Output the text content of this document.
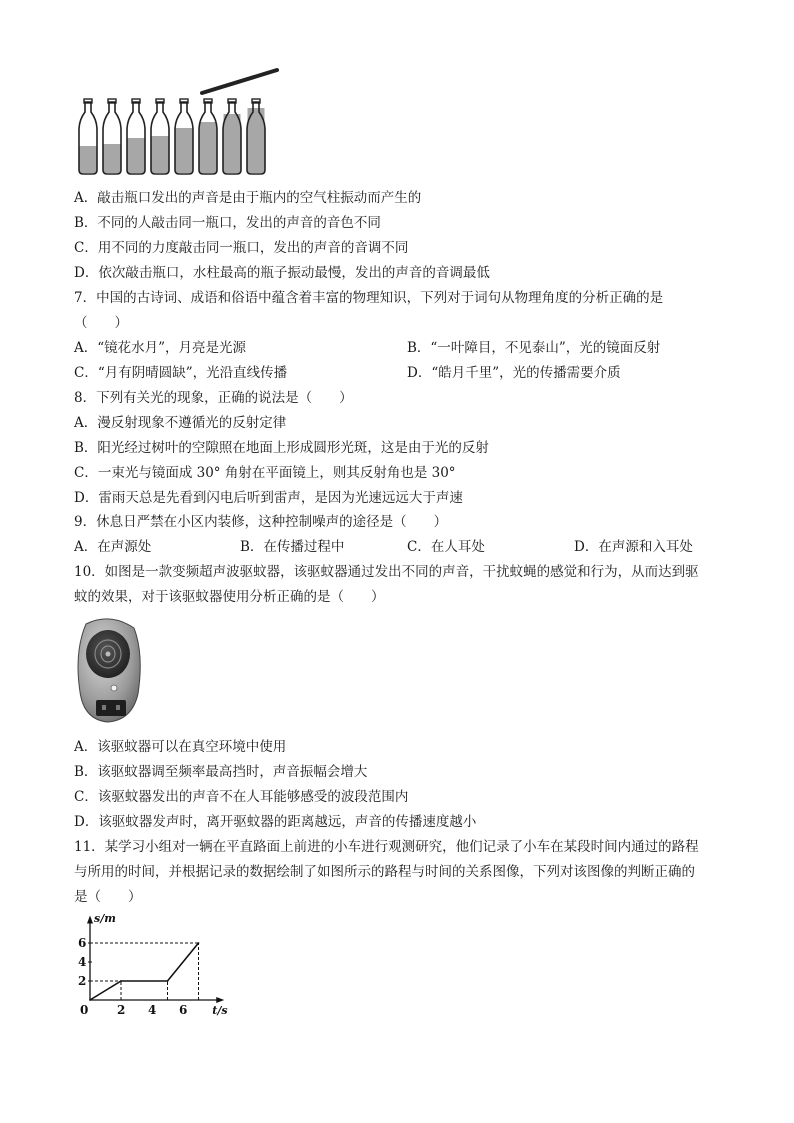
A．敲击瓶口发出的声音是由于瓶内的空气柱振动而产生的
B．不同的人敲击同一瓶口，发出的声音的音色不同
C．用不同的力度敲击同一瓶口，发出的声音的音调不同
D．依次敲击瓶口，水柱最高的瓶子振动最慢，发出的声音的音调最低
7．中国的古诗词、成语和俗语中蕴含着丰富的物理知识，下列对于词句从物理角度的分析正确的是
（　　）
A．“镜花水月”，月亮是光源	B．“一叶障目，不见泰山”，光的镜面反射
C．“月有阴晴圆缺”，光沿直线传播	D．“皓月千里”，光的传播需要介质
8．下列有关光的现象，正确的说法是（　　）
A．漫反射现象不遵循光的反射定律
B．阳光经过树叶的空隙照在地面上形成圆形光斑，这是由于光的反射
C．一束光与镜面成 30° 角射在平面镜上，则其反射角也是 30°
D．雷雨天总是先看到闪电后听到雷声，是因为光速远远大于声速
9．休息日严禁在小区内装修，这种控制噪声的途径是（　　）
A．在声源处	B．在传播过程中	C．在人耳处	D．在声源和入耳处
10．如图是一款变频超声波驱蚊器，该驱蚊器通过发出不同的声音，干扰蚊蝇的感觉和行为，从而达到驱
蚊的效果，对于该驱蚊器使用分析正确的是（　　）
A．该驱蚊器可以在真空环境中使用
B．该驱蚊器调至频率最高挡时，声音振幅会增大
C．该驱蚊器发出的声音不在人耳能够感受的波段范围内
D．该驱蚊器发声时，离开驱蚊器的距离越远，声音的传播速度越小
11．某学习小组对一辆在平直路面上前进的小车进行观测研究，他们记录了小车在某段时间内通过的路程
与所用的时间，并根据记录的数据绘制了如图所示的路程与时间的关系图像，下列对该图像的判断正确的
是（　　）
s/m
t/s
0 2 4 6
2
4
6
